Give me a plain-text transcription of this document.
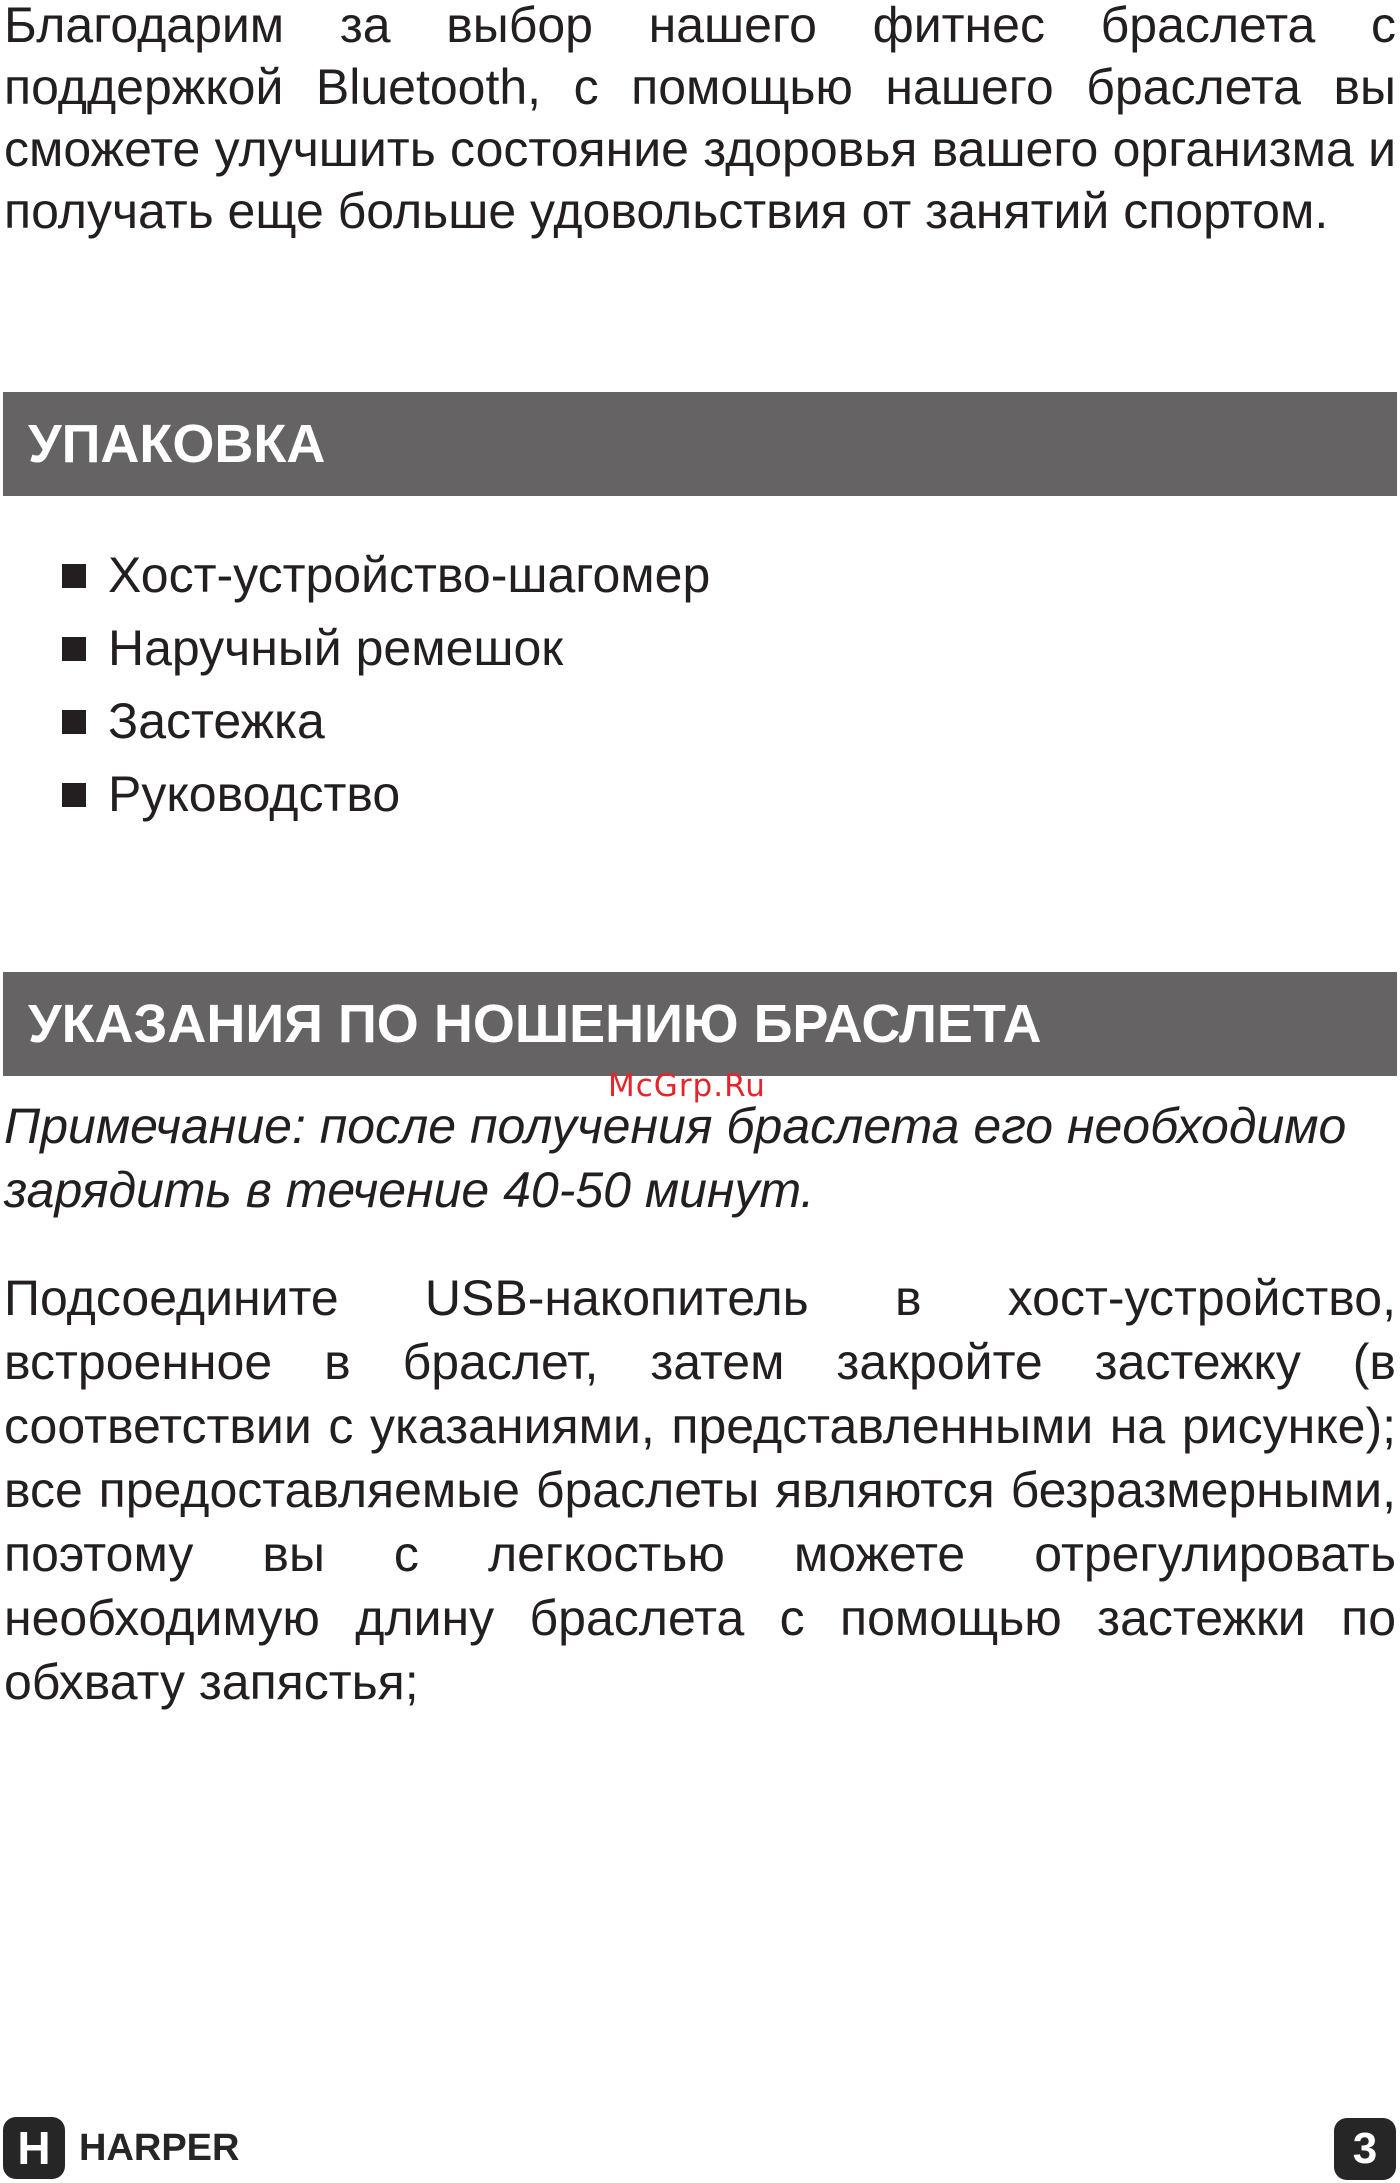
Благодарим за выбор нашего фитнес браслета с поддержкой Bluetooth, с помощью нашего браслета вы сможете улучшить состояние здоровья вашего организма и получать еще больше удовольствия от занятий спортом.

УПАКОВКА
Хост-устройство-шагомер
Наручный ремешок
Застежка
Руководство
УКАЗАНИЯ ПО НОШЕНИЮ БРАСЛЕТА
McGrp.Ru

Примечание: после получения браслета его необходимо зарядить в течение 40-50 минут.

Подсоедините USB-накопитель в хост-устройство, встроенное в браслет, затем закройте застежку (в соответствии с указаниями, представленными на рисунке); все предоставляемые браслеты являются безразмерными, поэтому вы с легкостью можете отрегулировать необходимую длину браслета с помощью застежки по обхвату запястья;

H HARPER	3
